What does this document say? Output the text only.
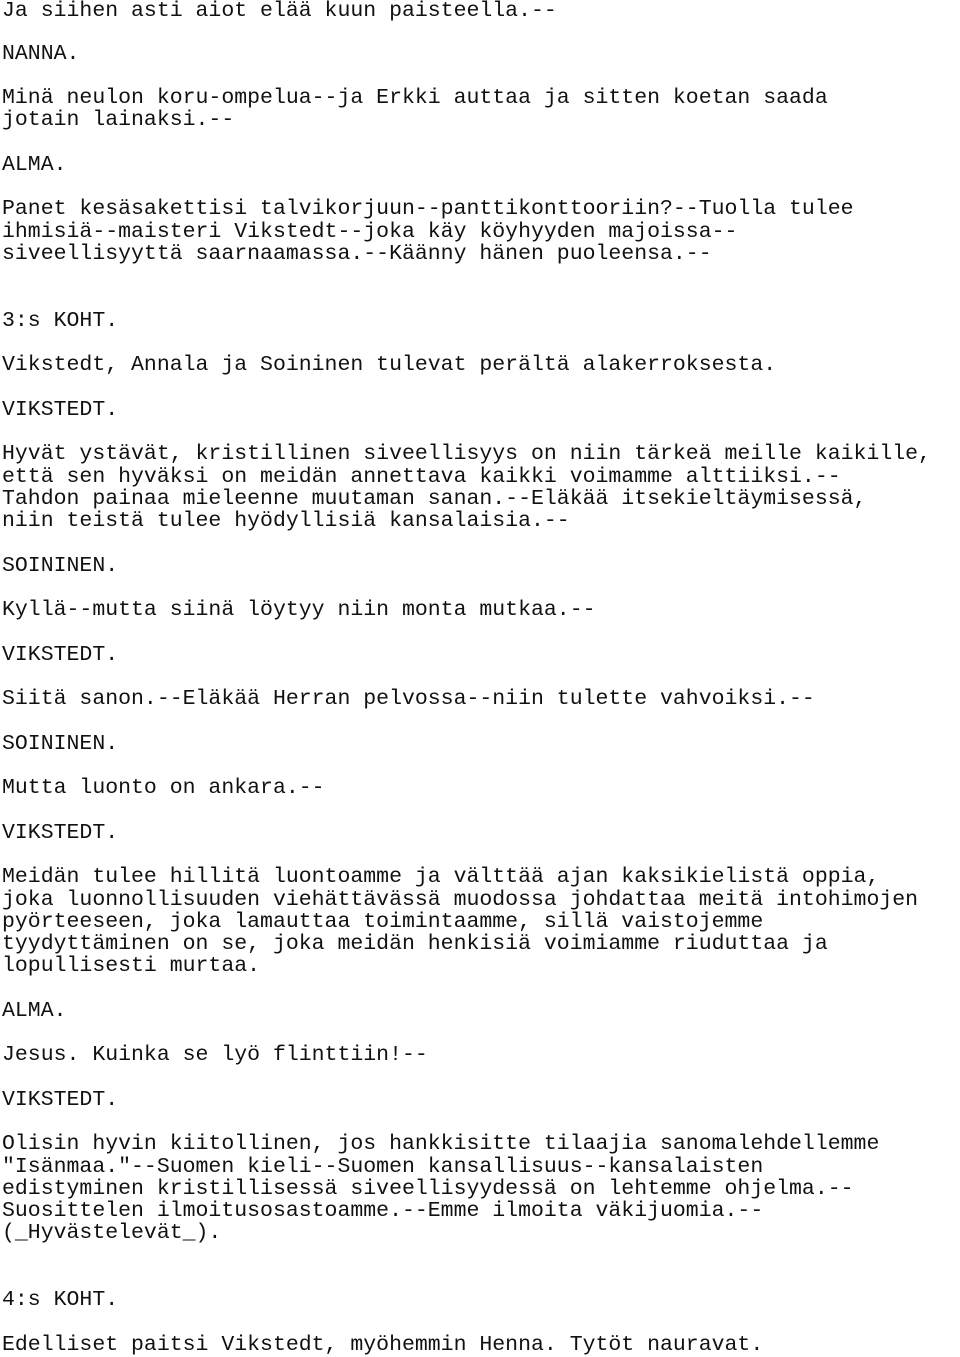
Ja siihen asti aiot elää kuun paisteella.--
NANNA.
Minä neulon koru-ompelua--ja Erkki auttaa ja sitten koetan saada
jotain lainaksi.--
ALMA.
Panet kesäsakettisi talvikorjuun--panttikonttooriin?--Tuolla tulee
ihmisiä--maisteri Vikstedt--joka käy köyhyyden majoissa--
siveellisyyttä saarnaamassa.--Käänny hänen puoleensa.--
3:s KOHT.
Vikstedt, Annala ja Soininen tulevat perältä alakerroksesta.
VIKSTEDT.
Hyvät ystävät, kristillinen siveellisyys on niin tärkeä meille kaikille,
että sen hyväksi on meidän annettava kaikki voimamme alttiiksi.--
Tahdon painaa mieleenne muutaman sanan.--Eläkää itsekieltäymisessä,
niin teistä tulee hyödyllisiä kansalaisia.--
SOININEN.
Kyllä--mutta siinä löytyy niin monta mutkaa.--
VIKSTEDT.
Siitä sanon.--Eläkää Herran pelvossa--niin tulette vahvoiksi.--
SOININEN.
Mutta luonto on ankara.--
VIKSTEDT.
Meidän tulee hillitä luontoamme ja välttää ajan kaksikielistä oppia,
joka luonnollisuuden viehättävässä muodossa johdattaa meitä intohimojen
pyörteeseen, joka lamauttaa toimintaamme, sillä vaistojemme
tyydyttäminen on se, joka meidän henkisiä voimiamme riuduttaa ja
lopullisesti murtaa.
ALMA.
Jesus. Kuinka se lyö flinttiin!--
VIKSTEDT.
Olisin hyvin kiitollinen, jos hankkisitte tilaajia sanomalehdellemme
"Isänmaa."--Suomen kieli--Suomen kansallisuus--kansalaisten
edistyminen kristillisessä siveellisyydessä on lehtemme ohjelma.--
Suosittelen ilmoitusosastoamme.--Emme ilmoita väkijuomia.--
(_Hyvästelevät_).
4:s KOHT.
Edelliset paitsi Vikstedt, myöhemmin Henna. Tytöt nauravat.
